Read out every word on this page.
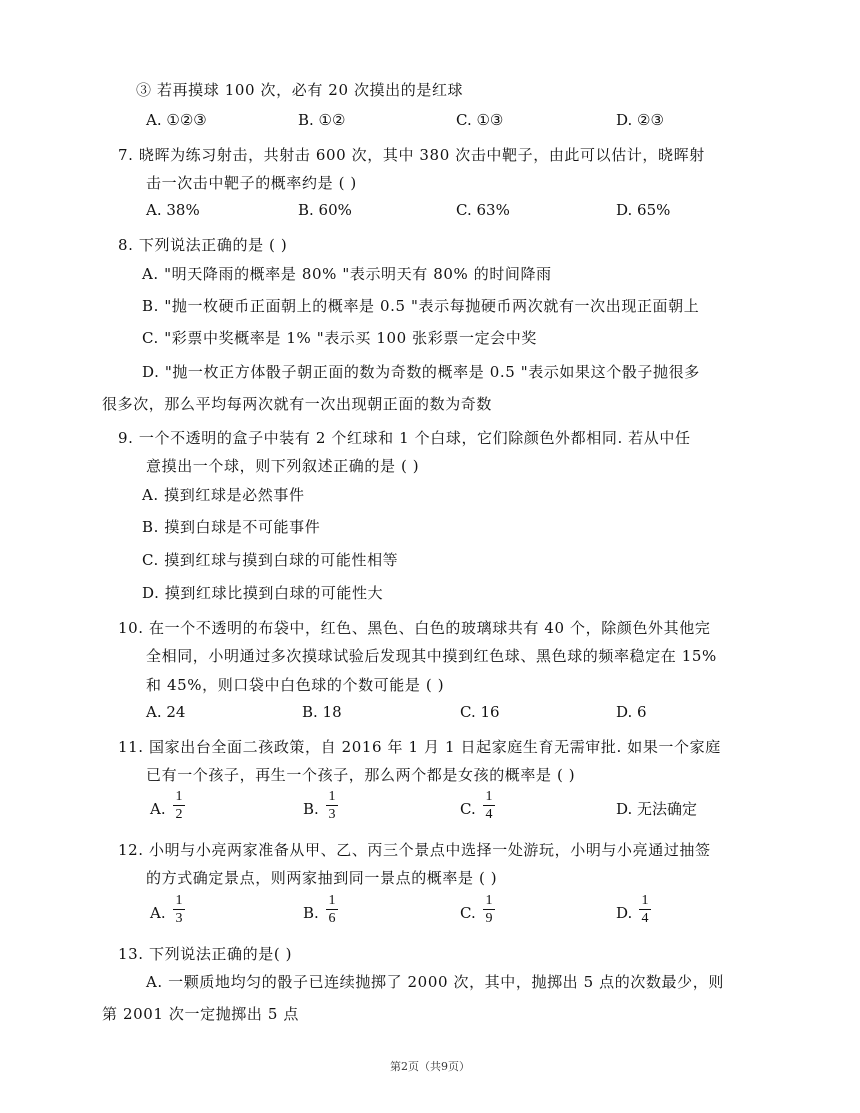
③ 若再摸球 100 次，必有 20 次摸出的是红球
A. ①②③	B. ①②	C. ①③	D. ②③
7. 晓晖为练习射击，共射击 600 次，其中 380 次击中靶子，由此可以估计，晓晖射
击一次击中靶子的概率约是 ( )
A. 38%	B. 60%	C. 63%	D. 65%
8. 下列说法正确的是 ( )
A. "明天降雨的概率是 80% "表示明天有 80% 的时间降雨
B. "抛一枚硬币正面朝上的概率是 0.5 "表示每抛硬币两次就有一次出现正面朝上
C. "彩票中奖概率是 1% "表示买 100 张彩票一定会中奖
D. "抛一枚正方体骰子朝正面的数为奇数的概率是 0.5 "表示如果这个骰子抛很多
很多次，那么平均每两次就有一次出现朝正面的数为奇数
9. 一个不透明的盒子中装有 2 个红球和 1 个白球，它们除颜色外都相同. 若从中任
意摸出一个球，则下列叙述正确的是 ( )
A. 摸到红球是必然事件
B. 摸到白球是不可能事件
C. 摸到红球与摸到白球的可能性相等
D. 摸到红球比摸到白球的可能性大
10. 在一个不透明的布袋中，红色、黑色、白色的玻璃球共有 40 个，除颜色外其他完
全相同，小明通过多次摸球试验后发现其中摸到红色球、黑色球的频率稳定在 15%
和 45%，则口袋中白色球的个数可能是 ( )
A. 24	B. 18	C. 16	D. 6
11. 国家出台全面二孩政策，自 2016 年 1 月 1 日起家庭生育无需审批. 如果一个家庭
已有一个孩子，再生一个孩子，那么两个都是女孩的概率是 ( )
A.
1
2	B.
1
3	C.
1
4	D. 无法确定
12. 小明与小亮两家准备从甲、乙、丙三个景点中选择一处游玩，小明与小亮通过抽签
的方式确定景点，则两家抽到同一景点的概率是 ( )
A.
1
3	B.
1
6	C.
1
9	D.
1
4
13. 下列说法正确的是( )
A. 一颗质地均匀的骰子已连续抛掷了 2000 次，其中，抛掷出 5 点的次数最少，则
第 2001 次一定抛掷出 5 点
第2页（共9页）
